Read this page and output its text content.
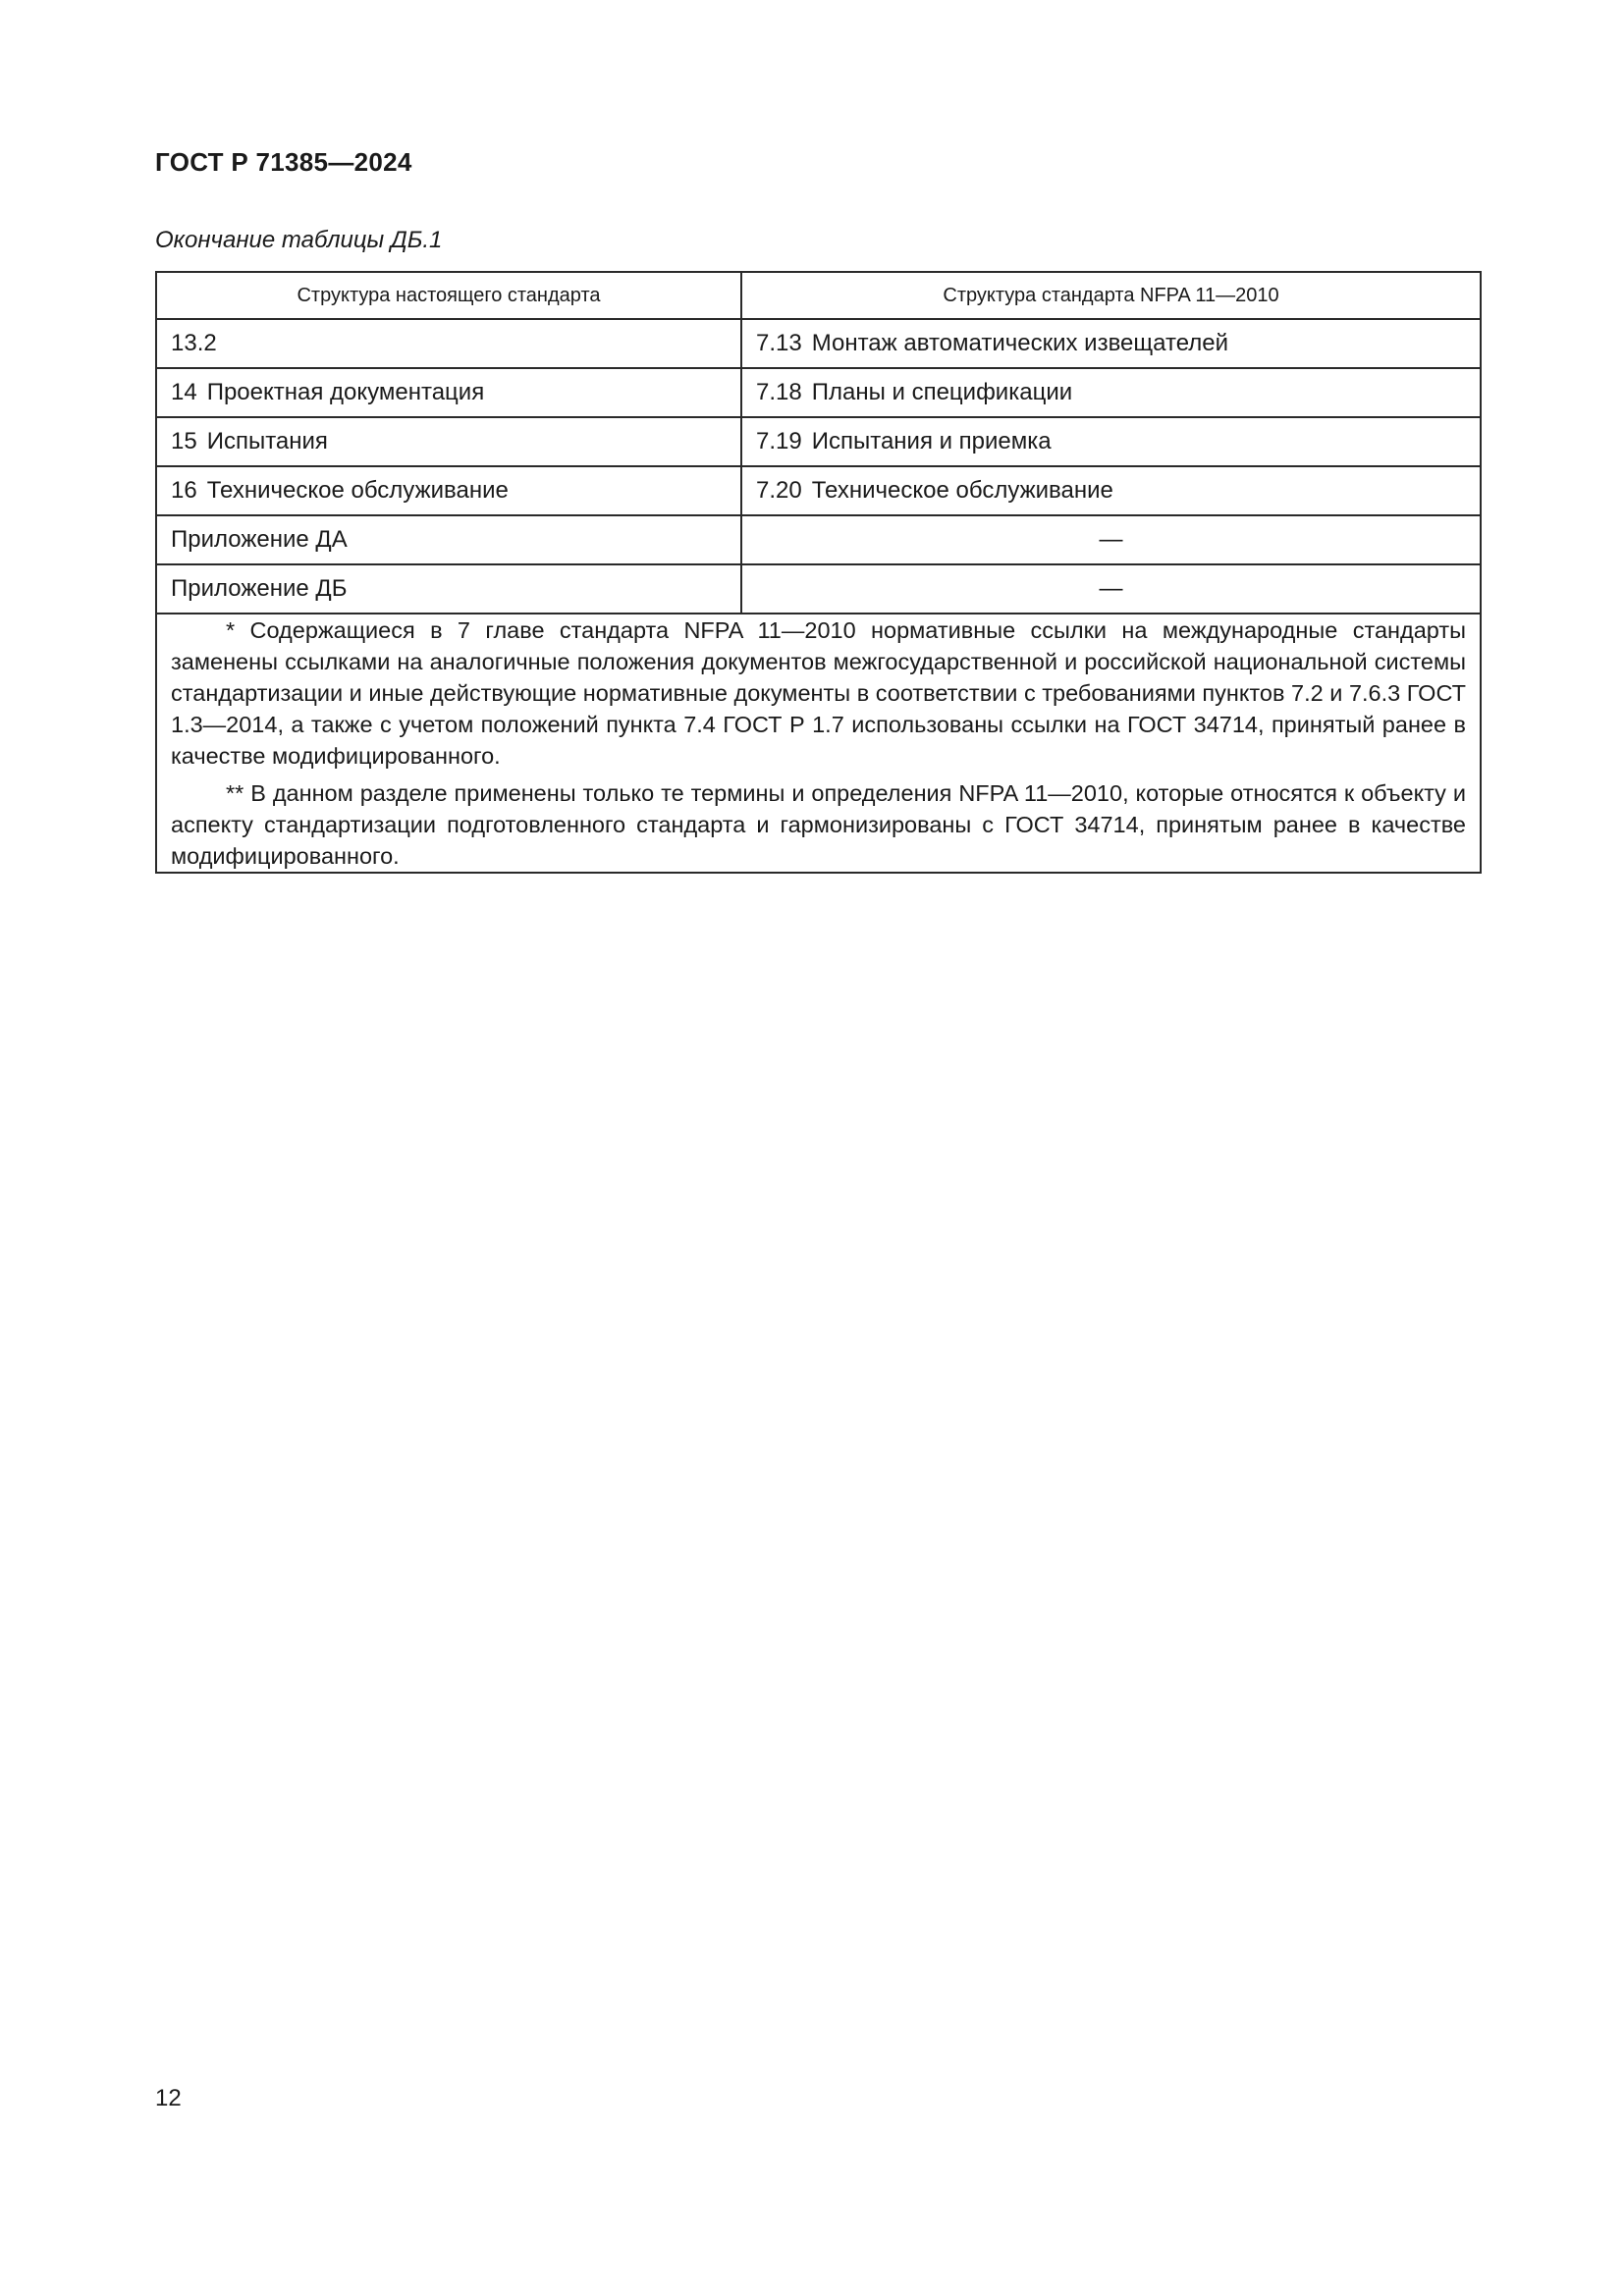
ГОСТ Р 71385—2024
Окончание таблицы ДБ.1
Структура настоящего стандарта	Структура стандарта NFPA 11—2010
13.2	7.13 Монтаж автоматических извещателей
14 Проектная документация	7.18 Планы и спецификации
15 Испытания	7.19 Испытания и приемка
16 Техническое обслуживание	7.20 Техническое обслуживание
Приложение ДА	—
Приложение ДБ	—

* Содержащиеся в 7 главе стандарта NFPA 11—2010 нормативные ссылки на международные стандарты заменены ссылками на аналогичные положения документов межгосударственной и российской национальной системы стандартизации и иные действующие нормативные документы в соответствии с требованиями пунктов 7.2 и 7.6.3 ГОСТ 1.3—2014, а также с учетом положений пункта 7.4 ГОСТ Р 1.7 использованы ссылки на ГОСТ 34714, принятый ранее в качестве модифицированного.

** В данном разделе применены только те термины и определения NFPA 11—2010, которые относятся к объекту и аспекту стандартизации подготовленного стандарта и гармонизированы с ГОСТ 34714, принятым ранее в качестве модифицированного.	

12
